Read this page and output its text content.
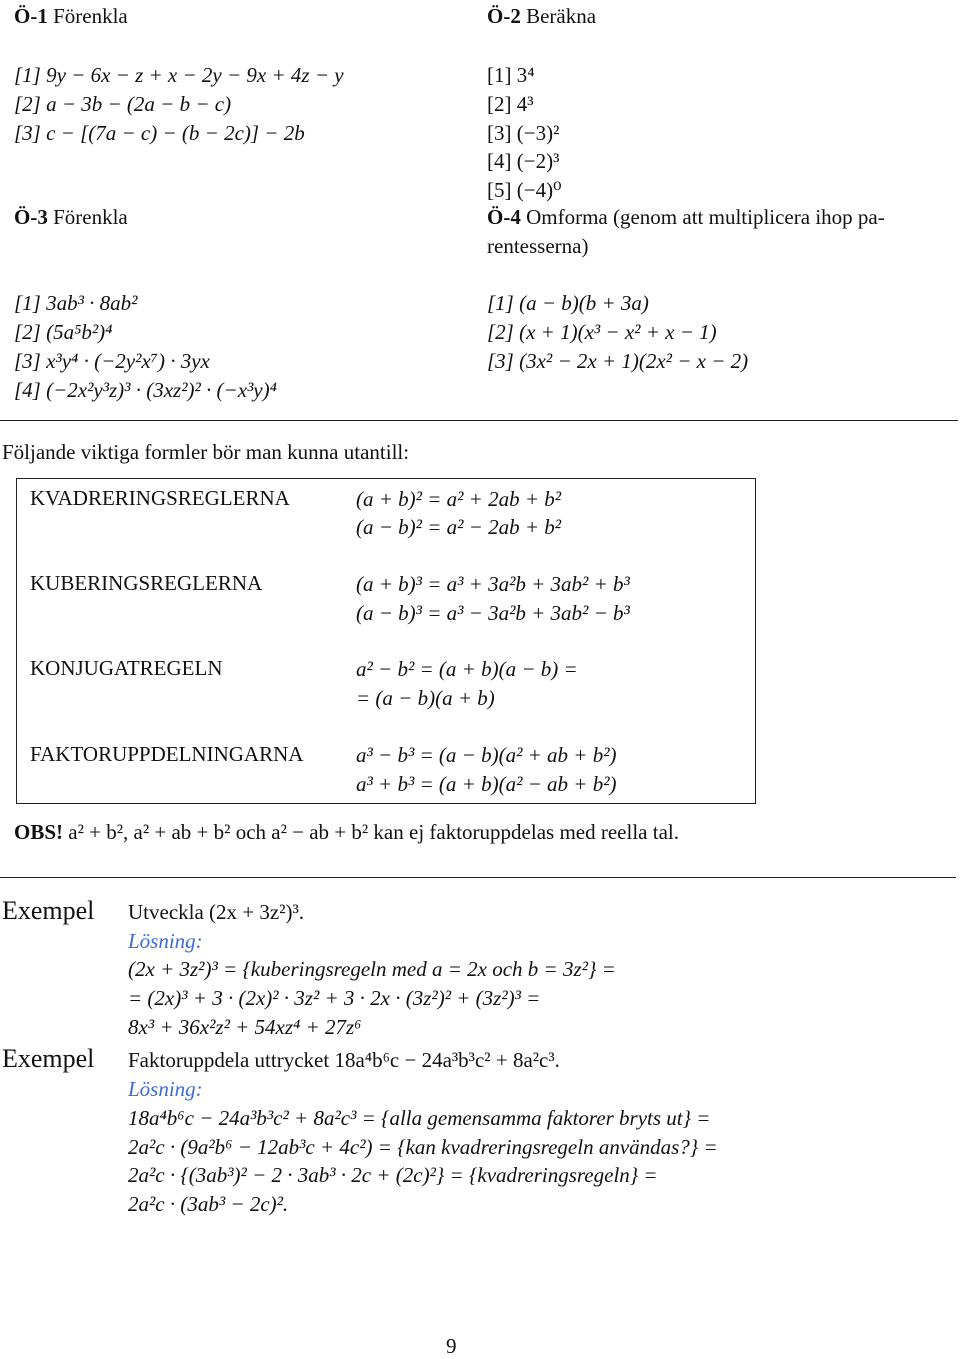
Ö-1 Förenkla
[1] 9y − 6x − z + x − 2y − 9x + 4z − y
[2] a − 3b − (2a − b − c)
[3] c − [(7a − c) − (b − 2c)] − 2b
Ö-2 Beräkna
[1] 3⁴
[2] 4³
[3] (−3)²
[4] (−2)³
[5] (−4)⁰
Ö-3 Förenkla
[1] 3ab³ · 8ab²
[2] (5a⁵b²)⁴
[3] x³y⁴ · (−2y²x⁷) · 3yx
[4] (−2x²y³z)³ · (3xz²)² · (−x³y)⁴
Ö-4 Omforma (genom att multiplicera ihop pa-
rentesserna)
[1] (a − b)(b + 3a)
[2] (x + 1)(x³ − x² + x − 1)
[3] (3x² − 2x + 1)(2x² − x − 2)
Följande viktiga formler bör man kunna utantill:
KVADRERINGSREGLERNA	(a + b)² = a² + 2ab + b²
(a − b)² = a² − 2ab + b²
KUBERINGSREGLERNA	(a + b)³ = a³ + 3a²b + 3ab² + b³
(a − b)³ = a³ − 3a²b + 3ab² − b³
KONJUGATREGELN	a² − b² = (a + b)(a − b) =
= (a − b)(a + b)
FAKTORUPPDELNINGARNA	a³ − b³ = (a − b)(a² + ab + b²)
a³ + b³ = (a + b)(a² − ab + b²)
OBS! a² + b², a² + ab + b² och a² − ab + b² kan ej faktoruppdelas med reella tal.
Exempel Utveckla (2x + 3z²)³.
Lösning:
(2x + 3z²)³ = {kuberingsregeln med a = 2x och b = 3z²} =
= (2x)³ + 3 · (2x)² · 3z² + 3 · 2x · (3z²)² + (3z²)³ =
8x³ + 36x²z² + 54xz⁴ + 27z⁶
Exempel Faktoruppdela uttrycket 18a⁴b⁶c − 24a³b³c² + 8a²c³.
Lösning:
18a⁴b⁶c − 24a³b³c² + 8a²c³ = {alla gemensamma faktorer bryts ut} =
2a²c · (9a²b⁶ − 12ab³c + 4c²) = {kan kvadreringsregeln användas?} =
2a²c · {(3ab³)² − 2 · 3ab³ · 2c + (2c)²} = {kvadreringsregeln} =
2a²c · (3ab³ − 2c)².
9
